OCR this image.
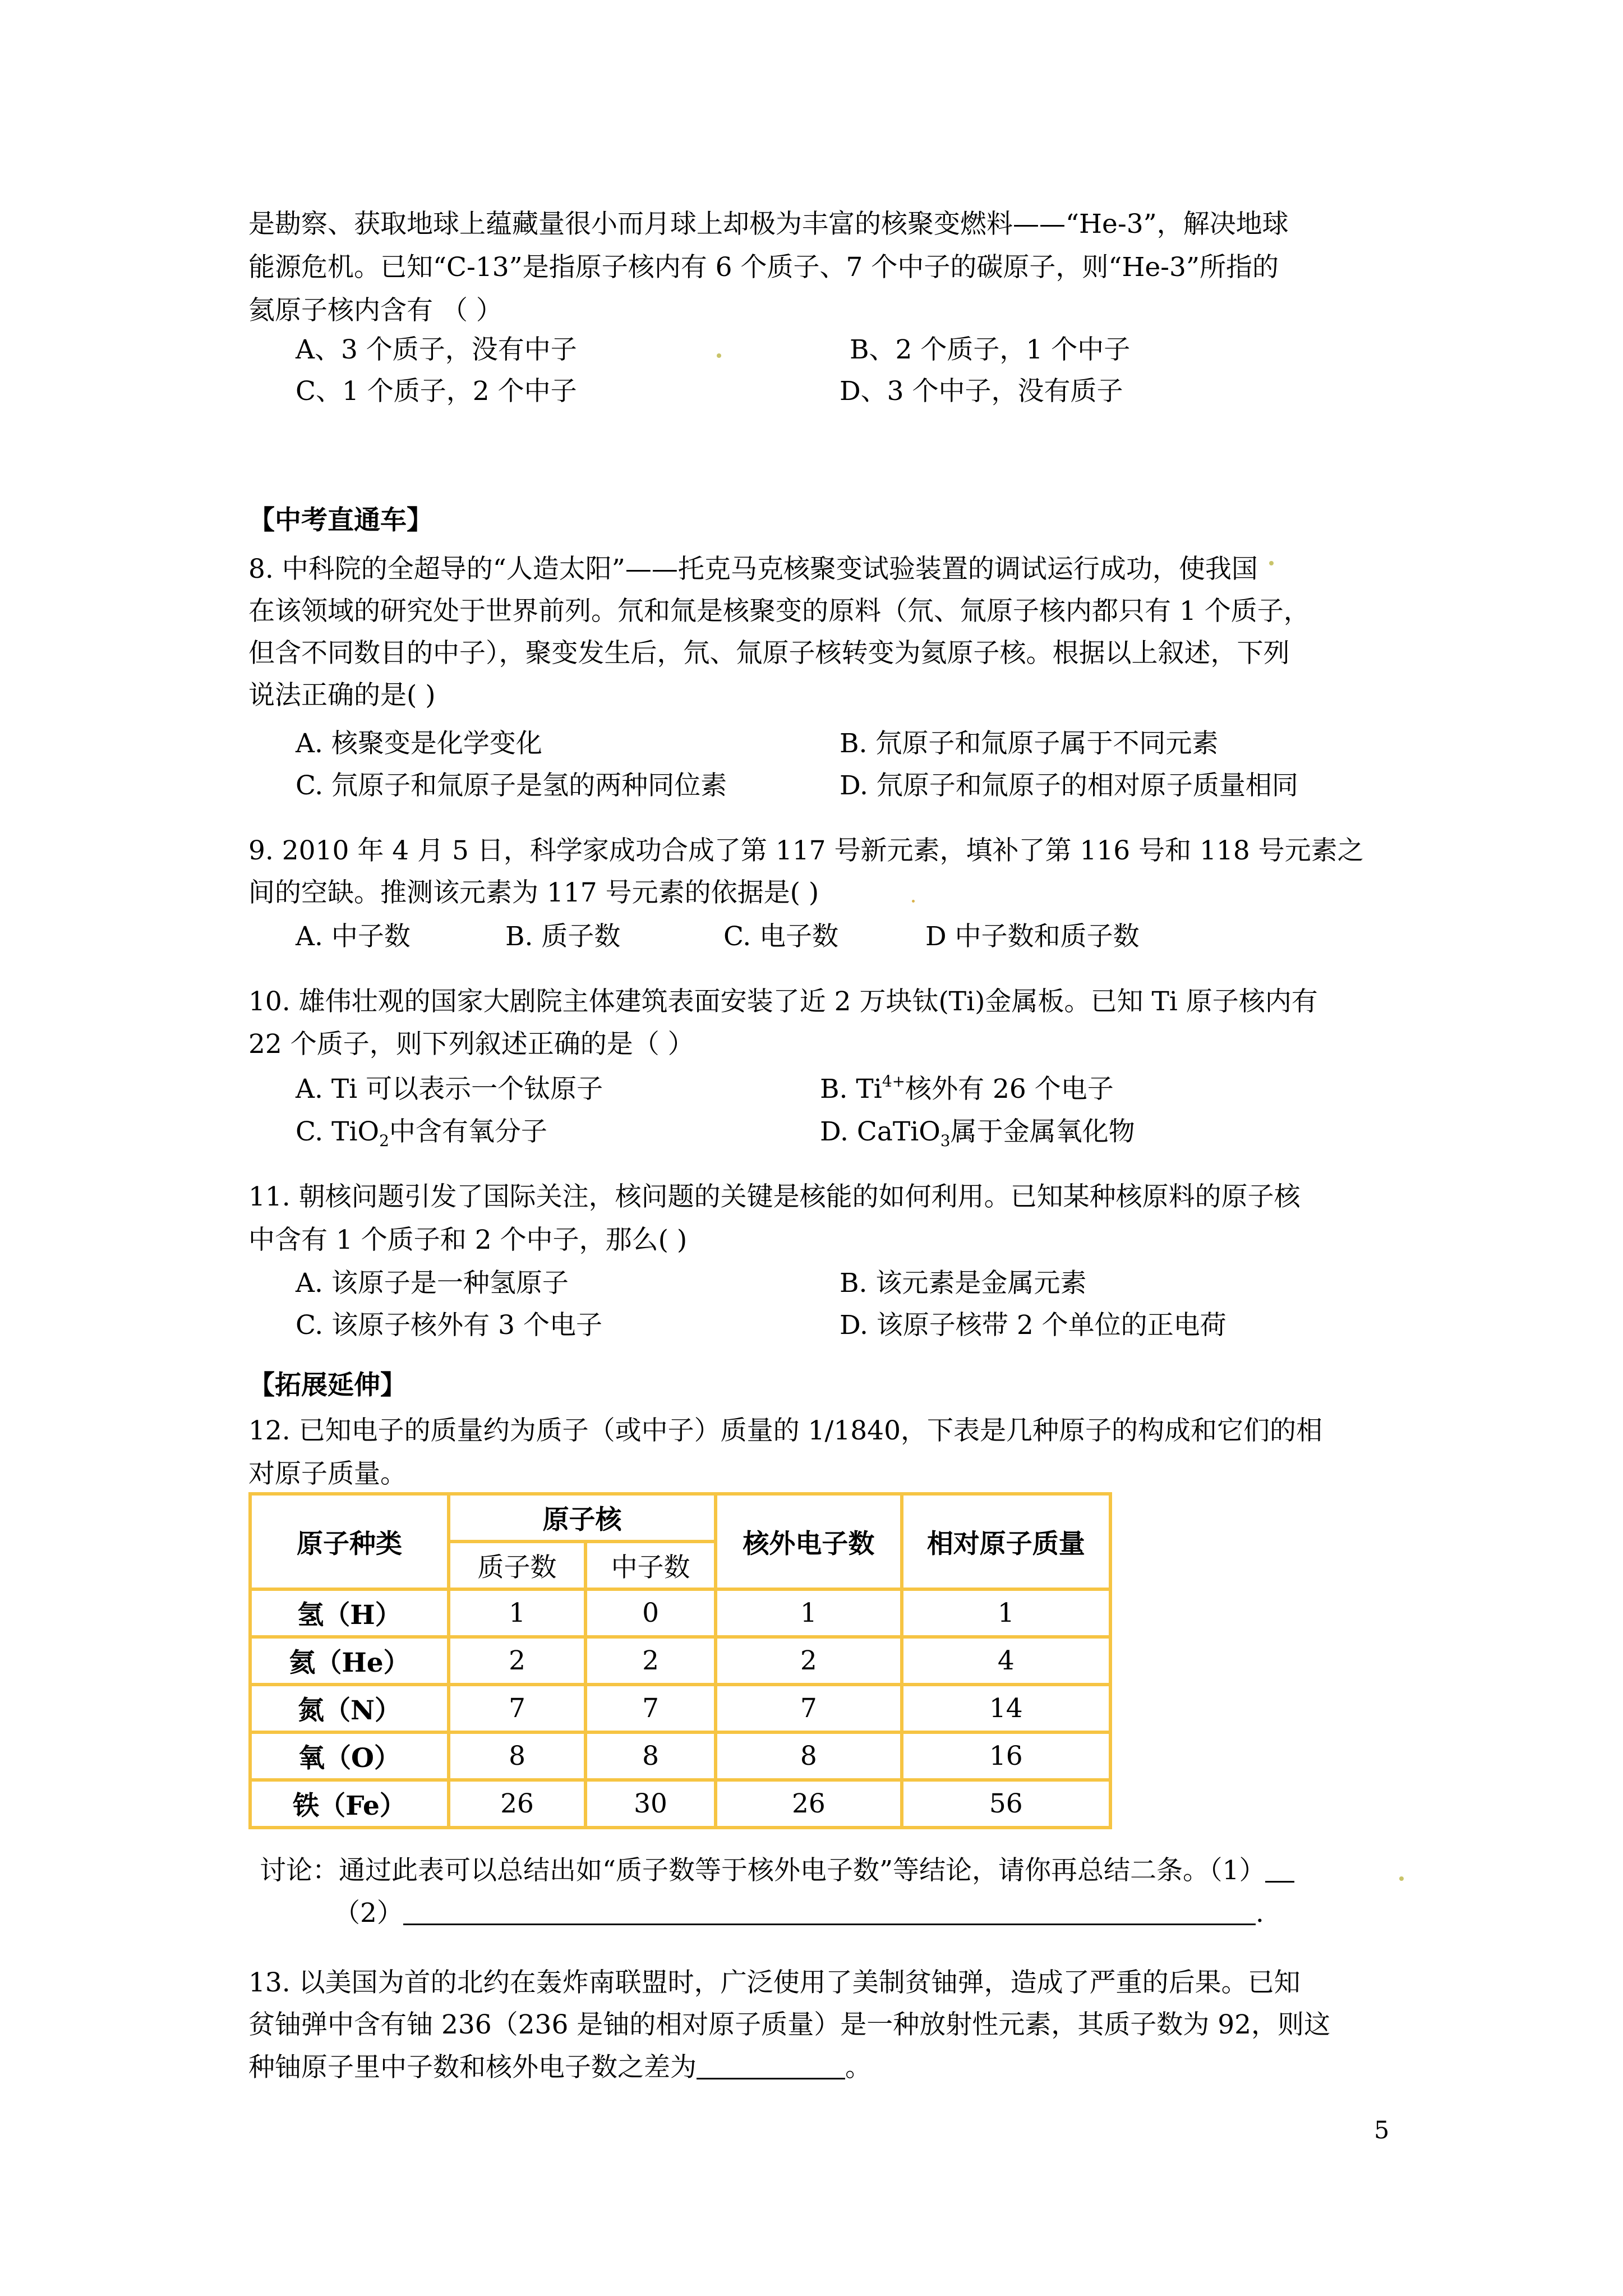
是勘察、获取地球上蕴藏量很小而月球上却极为丰富的核聚变燃料——“He-3”，解决地球
能源危机。已知“C-13”是指原子核内有 6 个质子、7 个中子的碳原子，则“He-3”所指的
氦原子核内含有 （ ）
A、3 个质子，没有中子	B、2 个质子，1 个中子
C、1 个质子，2 个中子	D、3 个中子，没有质子
【中考直通车】
8. 中科院的全超导的“人造太阳”——托克马克核聚变试验装置的调试运行成功，使我国
在该领域的研究处于世界前列。氘和氚是核聚变的原料（氘、氚原子核内都只有 1 个质子，
但含不同数目的中子），聚变发生后，氘、氚原子核转变为氦原子核。根据以上叙述，下列
说法正确的是( )
A. 核聚变是化学变化	B. 氘原子和氚原子属于不同元素
C. 氘原子和氚原子是氢的两种同位素	D. 氘原子和氚原子的相对原子质量相同
9. 2010 年 4 月 5 日，科学家成功合成了第 117 号新元素，填补了第 116 号和 118 号元素之
间的空缺。推测该元素为 117 号元素的依据是( )
A. 中子数	B. 质子数	C. 电子数	D 中子数和质子数
10. 雄伟壮观的国家大剧院主体建筑表面安装了近 2 万块钛(Ti)金属板。已知 Ti 原子核内有
22 个质子，则下列叙述正确的是（ ）
A. Ti 可以表示一个钛原子	B. $Ti^{4+}$核外有 26 个电子
C. TiO$_2$中含有氧分子	D. CaTiO$_3$属于金属氧化物
11. 朝核问题引发了国际关注，核问题的关键是核能的如何利用。已知某种核原料的原子核
中含有 1 个质子和 2 个中子，那么( )
A. 该原子是一种氢原子	B. 该元素是金属元素
C. 该原子核外有 3 个电子	D. 该原子核带 2 个单位的正电荷
【拓展延伸】
12. 已知电子的质量约为质子（或中子）质量的 1/1840，下表是几种原子的构成和它们的相
对原子质量。
原子种类	原子核		核外电子数	相对原子质量
	质子数	中子数		
氢（H）	1	0	1	1
氦（He）	2	2	2	4
氮（N）	7	7	7	14
氧（O）	8	8	8	16
铁（Fe）	26	30	26	56
讨论：通过此表可以总结出如“质子数等于核外电子数”等结论，请你再总结二条。（1）
（2）	.
13. 以美国为首的北约在轰炸南联盟时，广泛使用了美制贫铀弹，造成了严重的后果。已知
贫铀弹中含有铀 236（236 是铀的相对原子质量）是一种放射性元素，其质子数为 92，则这
种铀原子里中子数和核外电子数之差为	。
5
